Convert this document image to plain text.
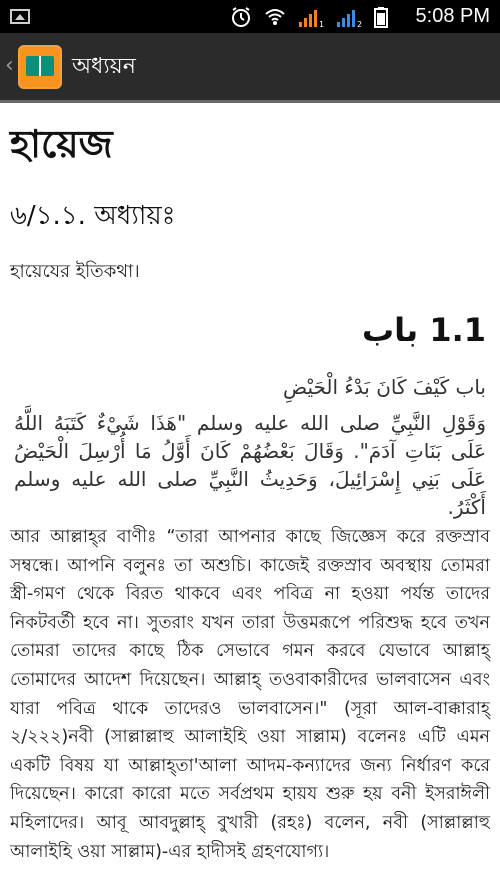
1	2	5:08 PM
‹	অধ্যয়ন
হায়েজ
৬/১.১. অধ্যায়ঃ
হায়েযের ইতিকথা।
1.1 باب
باب كَيْفَ كَانَ بَدْءُ الْحَيْضِ
وَقَوْلِ النَّبِيِّ صلى الله عليه وسلم "هَذَا شَيْءٌ كَتَبَهُ اللَّهُ عَلَى بَنَاتِ آدَمَ". وَقَالَ بَعْضُهُمْ كَانَ أَوَّلُ مَا أُرْسِلَ الْحَيْضُ عَلَى بَنِي إِسْرَائِيلَ، وَحَدِيثُ النَّبِيِّ صلى الله عليه وسلم أَكْثَرُ.
আর আল্লাহ্‌র বাণীঃ “তারা আপনার কাছে জিজ্ঞেস করে রক্তস্রাব সম্বন্ধে। আপনি বলুনঃ তা অশুচি। কাজেই রক্তস্রাব অবস্থায় তোমরা স্ত্রী-গমণ থেকে বিরত থাকবে এবং পবিত্র না হওয়া পর্যন্ত তাদের নিকটবর্তী হবে না। সুতরাং যখন তারা উত্তমরূপে পরিশুদ্ধ হবে তখন তোমরা তাদের কাছে ঠিক সেভাবে গমন করবে যেভাবে আল্লাহ্‌ তোমাদের আদেশ দিয়েছেন। আল্লাহ্‌ তওবাকারীদের ভালবাসেন এবং যারা পবিত্র থাকে তাদেরও ভালবাসেন।" (সূরা আল-বাক্কারাহ্‌ ২/২২২)নবী (সাল্লাল্লাহু আলাইহি ওয়া সাল্লাম) বলেনঃ এটি এমন একটি বিষয় যা আল্লাহ্‌তা'আলা আদম-কন্যাদের জন্য নির্ধারণ করে দিয়েছেন। কারো কারো মতে সর্বপ্রথম হায়য শুরু হয় বনী ইসরাঈলী মহিলাদের। আবূ আবদুল্লাহ্‌ বুখারী (রহঃ) বলেন, নবী (সাল্লাল্লাহু আলাইহি ওয়া সাল্লাম)-এর হাদীসই গ্রহণযোগ্য।
